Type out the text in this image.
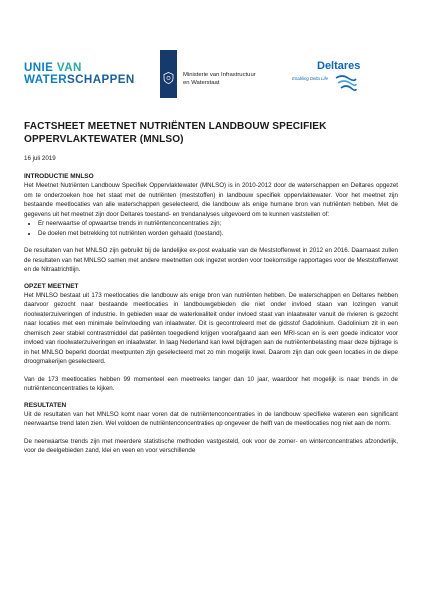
UNIE VAN
WATERSCHAPPEN	Ministerie van Infrastructuur
en Waterstaat
Deltares
Enabling Delta Life
FACTSHEET MEETNET NUTRIËNTEN LANDBOUW SPECIFIEK OPPERVLAKTEWATER (MNLSO)
16 juli 2019
INTRODUCTIE MNLSO

Het Meetnet Nutriënten Landbouw Specifiek Oppervlaktewater (MNLSO) is in 2010-2012 door de waterschappen en Deltares opgezet om te onderzoeken hoe het staat met de nutriënten (meststoffen) in landbouw specifiek oppervlaktewater. Voor het meetnet zijn bestaande meetlocaties van alle waterschappen geselecteerd, die landbouw als enige humane bron van nutriënten hebben. Met de gegevens uit het meetnet zijn door Deltares toestand- en trendanalyses uitgevoerd om te kunnen vaststellen of:

• Er neerwaartse of opwaartse trends in nutriëntenconcentraties zijn;
• De doelen met betrekking tot nutriënten worden gehaald (toestand).

De resultaten van het MNLSO zijn gebruikt bij de landelijke ex-post evaluatie van de Meststoffenwet in 2012 en 2016. Daarnaast zullen de resultaten van het MNLSO samen met andere meetnetten ook ingezet worden voor toekomstige rapportages voor de Meststoffenwet en de Nitraatrichtlijn.

OPZET MEETNET

Het MNLSO bestaat uit 173 meetlocaties die landbouw als enige bron van nutriënten hebben. De waterschappen en Deltares hebben daarvoor gezocht naar bestaande meetlocaties in landbouwgebieden die niet onder invloed staan van lozingen vanuit rioolwaterzuiveringen of industrie. In gebieden waar de waterkwaliteit onder invloed staat van inlaatwater vanuit de rivieren is gezocht naar locaties met een minimale beïnvloeding van inlaatwater. Dit is gecontroleerd met de gidsstof Gadolinium. Gadolinium zit in een chemisch zeer stabiel contrastmiddel dat patiënten toegediend krijgen voorafgaand aan een MRI-scan en is een goede indicator voor invloed van rioolwaterzuiveringen en inlaatwater. In laag Nederland kan kwel bijdragen aan de nutriëntenbelasting maar deze bijdrage is in het MNLSO beperkt doordat meetpunten zijn geselecteerd met zo min mogelijk kwel. Daarom zijn dan ook geen locaties in de diepe droogmakerijen geselecteerd.

Van de 173 meetlocaties hebben 99 momenteel een meetreeks langer dan 10 jaar, waardoor het mogelijk is naar trends in de nutriëntenconcentraties te kijken.

RESULTATEN

Uit de resultaten van het MNLSO komt naar voren dat de nutriëntenconcentraties in de landbouw specifieke wateren een significant neerwaartse trend laten zien. Wel voldoen de nutriëntenconcentraties op ongeveer de helft van de meetlocaties nog niet aan de norm.

De neerwaartse trends zijn met meerdere statistische methoden vastgesteld, ook voor de zomer- en winterconcentraties afzonderlijk, voor de deelgebieden zand, klei en veen en voor verschillende
